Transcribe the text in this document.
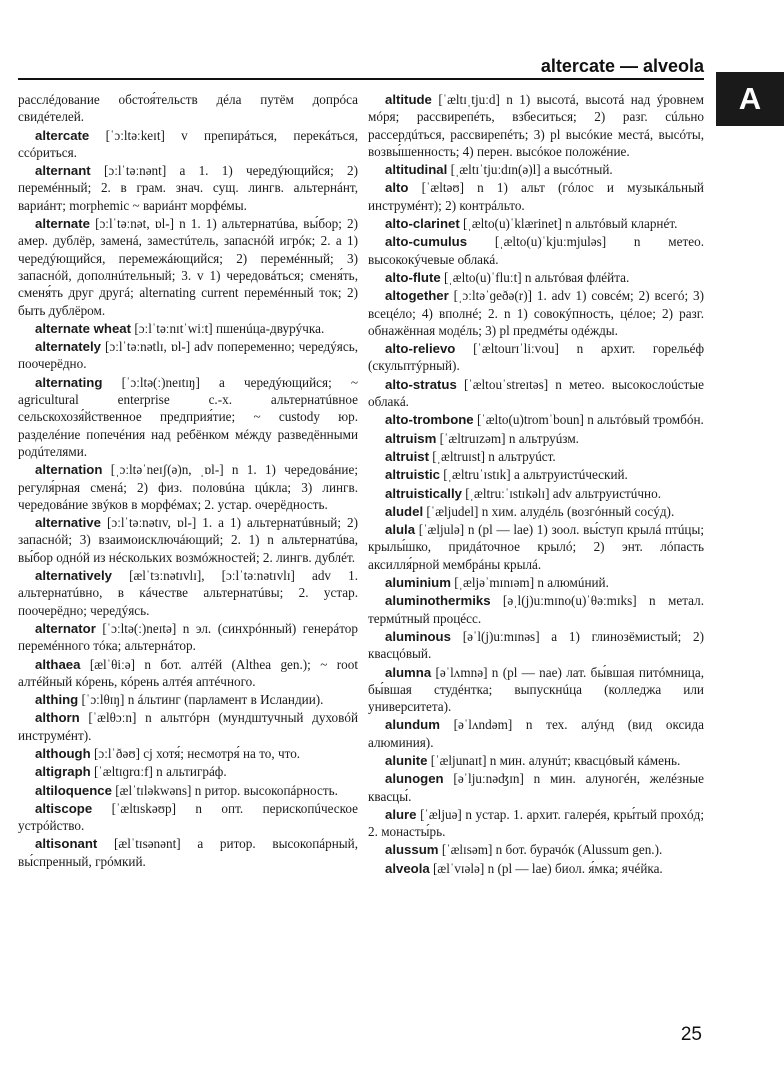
altercate — alveola
A

расслéдование обстоя́тельств дéла путём допрóса свидéтелей.

altercate [ˈɔːltəːkeɪt] v препирáться, перекáться, ссóриться.

alternant [ɔːlˈtəːnənt] a 1. 1) чередýющийся; 2) перемéнный; 2. в грам. знач. сущ. лингв. альтернáнт, вариáнт; morphemic ~ вариáнт морфéмы.

alternate [ɔːlˈtəːnət, ɒl-] n 1. 1) альтернатúва, вы́бор; 2) амер. дублёр, заменá, заместúтель, запаснóй игрóк; 2. a 1) чередýющийся, перемежáющийся; 2) перемéнный; 3) запаснóй, дополнúтельный; 3. v 1) чередовáться; сменя́ть, сменя́ть друг другá; alternating current перемéнный ток; 2) быть дублёром.

alternate wheat [ɔːlˈtəːnɪtˈwiːt] пшенúца-двурýчка.

alternately [ɔːlˈtəːnətlɪ, ɒl-] adv попеременно; чередýясь, поочерёдно.

alternating [ˈɔːltə(ː)neɪtɪŋ] a чередýющийся; ~ agricultural enterprise с.-х. альтернатúвное сельскохозя́йственное предприя́тие; ~ custody юр. разделéние попечéния над ребёнком мéжду разведёнными родúтелями.

alternation [ˌɔːltəˈneɪʃ(ə)n, ˌɒl-] n 1. 1) чередовáние; регуля́рная сменá; 2) физ. половúна цúкла; 3) лингв. чередовáние звýков в морфéмах; 2. устар. очерёдность.

alternative [ɔːlˈtəːnətɪv, ɒl-] 1. a 1) альтернатúвный; 2) запаснóй; 3) взаимоисключáющий; 2. 1) n альтернатúва, вы́бор однóй из нéскольких возмóжностей; 2. лингв. дублéт.

alternatively [ælˈtɜːnətɪvlɪ], [ɔːlˈtəːnətɪvlɪ] adv 1. альтернатúвно, в кáчестве альтернатúвы; 2. устар. поочерёдно; чередýясь.

alternator [ˈɔːltə(ː)neɪtə] n эл. (синхрóнный) генерáтор перемéнного тóка; альтернáтор.

althaea [ælˈθiːə] n бот. алтéй (Althea gen.); ~ root алтéйный кóрень, кóрень алтéя аптéчного.

althing [ˈɔːlθɪŋ] n áльтинг (парламент в Исландии).

althorn [ˈælθɔːn] n альтгóрн (мундштучный духовóй инструмéнт).

although [ɔːlˈðəʊ] cj хотя́; несмотря́ на то, что.

altigraph [ˈæltɪɡrɑːf] n альтигрáф.

altiloquence [ælˈtɪləkwəns] n ритор. высокопáрность.

altiscope [ˈæltɪskəʊp] n опт. перископúческое устрóйство.

altisonant [ælˈtɪsənənt] a ритор. высокопáрный, вы́спренный, грóмкий.

altitude [ˈæltɪˌtjuːd] n 1) высотá, высотá над ýровнем мóря; рассвирепéть, взбеситься; 2) разг. сúльно рассердúться, рассвирепéть; 3) pl высóкие местá, высóты, возвы́шенность; 4) перен. высóкое положéние.

altitudinal [ˌæltɪˈtjuːdɪn(ə)l] a высóтный.

alto [ˈæltəʊ] n 1) альт (гóлос и музыкáльный инструмéнт); 2) контрáльто.

alto-clarinet [ˌælto(u)ˈklærinet] n альтóвый кларнéт.

alto-cumulus [ˌælto(u)ˈkjuːmjuləs] n метео. высококýчевые облакá.

alto-flute [ˌælto(u)ˈfluːt] n альтóвая флéйта.

altogether [ˌɔːltəˈɡeðə(r)] 1. adv 1) совсéм; 2) всегó; 3) всецéло; 4) вполнé; 2. n 1) совокýпность, цéлое; 2) разг. обнажённая модéль; 3) pl предмéты одéжды.

alto-relievo [ˈæltourɪˈliːvou] n архит. горельéф (скульптýрный).

alto-stratus [ˈæltouˈstreɪtəs] n метео. высокослоúстые облакá.

alto-trombone [ˈælto(u)tromˈboun] n альтóвый тромбóн.

altruism [ˈæltruɪzəm] n альтруúзм.

altruist [ˌæltruɪst] n альтруúст.

altruistic [ˌæltruˈɪstɪk] a альтруистúческий.

altruistically [ˌæltruːˈɪstɪkəlɪ] adv альтруистúчно.

aludel [ˈæljudel] n хим. алудéль (возгóнный сосýд).

alula [ˈæljulə] n (pl — lae) 1) зоол. вы́ступ крылá птúцы; крылы́шко, придáточное крылó; 2) энт. лóпасть аксилля́рной мембрáны крылá.

aluminium [ˌæljəˈmɪnɪəm] n алюмúний.

aluminothermiks [əˌl(j)uːmɪno(u)ˈθəːmɪks] n метал. термúтный процéсс.

aluminous [əˈl(j)uːmɪnəs] a 1) глинозёмистый; 2) квасцóвый.

alumna [əˈlʌmnə] n (pl — nae) лат. бы́вшая питóмница, бы́вшая студéнтка; выпускнúца (колледжа или университета).

alundum [əˈlʌndəm] n тех. алýнд (вид оксида алюминия).

alunite [ˈæljunaɪt] n мин. алунúт; квасцóвый кáмень.

alunogen [əˈljuːnəʤɪn] n мин. алуногéн, желéзные квасцы́.

alure [ˈæljuə] n устар. 1. архит. галерéя, кры́тый прохóд; 2. монасты́рь.

alussum [ˈælɪsəm] n бот. бурачóк (Alussum gen.).

alveola [ælˈvɪələ] n (pl — lae) биол. я́мка; ячéйка.

25
